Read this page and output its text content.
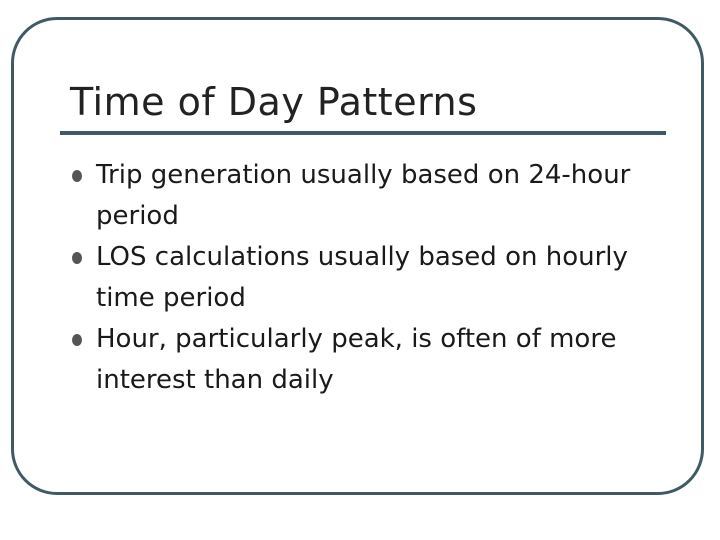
Time of Day Patterns
Trip generation usually based on 24-hour period
LOS calculations usually based on hourly time period
Hour, particularly peak, is often of more interest than daily
